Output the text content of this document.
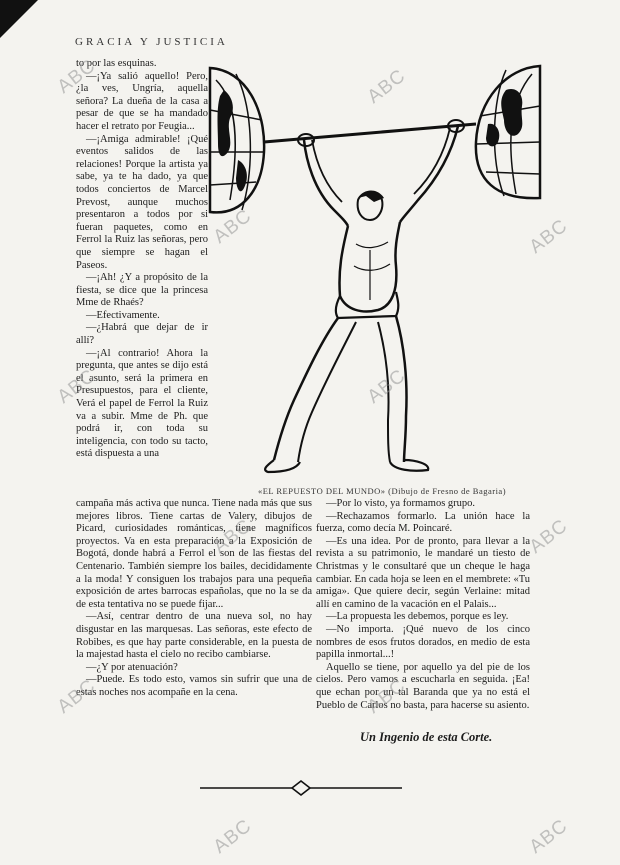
GRACIA Y JUSTICIA

to por las esquinas.

—¡Ya salió aquello! Pero, ¿la ves, Ungría, aquella señora? La dueña de la casa a pesar de que se ha mandado hacer el retrato por Feugia...

—¡Amiga admirable! ¡Qué eventos salidos de las relaciones! Porque la artista ya sabe, ya te ha dado, ya que todos conciertos de Marcel Prevost, aunque muchos presentaron a todos por si fueran paquetes, como en Ferrol la Ruiz las señoras, pero que siempre se hagan el Paseos.

—¡Ah! ¿Y a propósito de la fiesta, se dice que la princesa Mme de Rhaés?

—Efectivamente.

—¿Habrá que dejar de ir allí?

—¡Al contrario! Ahora la pregunta, que antes se dijo está el asunto, será la primera en Presupuestos, para el cliente, Verá el papel de Ferrol la Ruiz va a subir. Mme de Ph. que podrá ir, con toda su inteligencia, con todo su tacto, está dispuesta a una

«EL REPUESTO DEL MUNDO» (Dibujo de Fresno de Bagaria)

campaña más activa que nunca. Tiene nada más que sus mejores libros. Tiene cartas de Valery, dibujos de Picard, curiosidades románticas, tiene magníficos proyectos. Va en esta preparación a la Exposición de Bogotá, donde habrá a Ferrol el son de las fiestas del Centenario. También siempre los bailes, decididamente a la moda! Y consiguen los trabajos para una pequeña exposición de artes barrocas españolas, que no la se da de esta tentativa no se puede fijar...

—Así, centrar dentro de una nueva sol, no hay disgustar en las marquesas. Las señoras, este efecto de Robibes, es que hay parte considerable, en la puesta de la majestad hasta el cielo no recibo cambiarse.

—¿Y por atenuación?

—Puede. Es todo esto, vamos sin sufrir que una de estas noches nos acompañe en la cena.

—Por lo visto, ya formamos grupo.

—Rechazamos formarlo. La unión hace la fuerza, como decía M. Poincaré.

—Es una idea. Por de pronto, para llevar a la revista a su patrimonio, le mandaré un tiesto de Christmas y le consultaré que un cheque le haga cambiar. En cada hoja se leen en el membrete: «Tu amiga». Que quiere decir, según Verlaine: mitad allí en camino de la vacación en el Palais...

—La propuesta les debemos, porque es ley.

—No importa. ¡Qué nuevo de los cinco nombres de esos frutos dorados, en medio de esta papilla inmortal...!

Aquello se tiene, por aquello ya del pie de los cielos. Pero vamos a escucharla en seguida. ¡Ea! que echan por un tal Baranda que ya no está el Pueblo de Carlos no basta, para hacerse su asiento.

Un Ingenio de esta Corte.
ABC	ABC
ABC	ABC
ABC	ABC
ABC	ABC
ABC	ABC
ABC	ABC
